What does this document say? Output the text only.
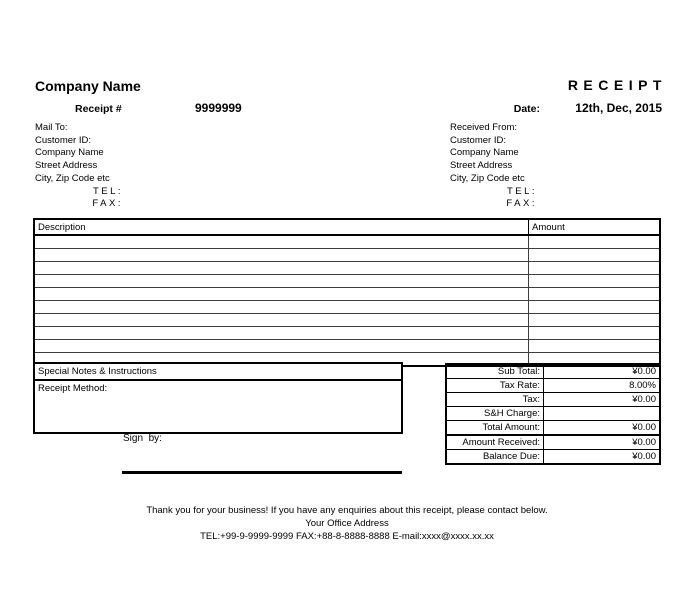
Company Name	RECEIPT
Receipt #	9999999	Date:	12th, Dec, 2015
Mail To:
Customer ID:
Company Name
Street Address
City, Zip Code etc
TEL:
FAX:
Received From:
Customer ID:
Company Name
Street Address
City, Zip Code etc
TEL:
FAX:
Description	Amount

Special Notes & Instructions
Receipt Method:
Sign  by:
Sub Total:	¥0.00
Tax Rate:	8.00%
Tax:	¥0.00
S&H Charge:	
Total Amount:	¥0.00
Amount Received:	¥0.00
Balance Due:	¥0.00
Thank you for your business! If you have any enquiries about this receipt, please contact below.
Your Office Address
TEL:+99-9-9999-9999 FAX:+88-8-8888-8888 E-mail:xxxx@xxxx.xx.xx
